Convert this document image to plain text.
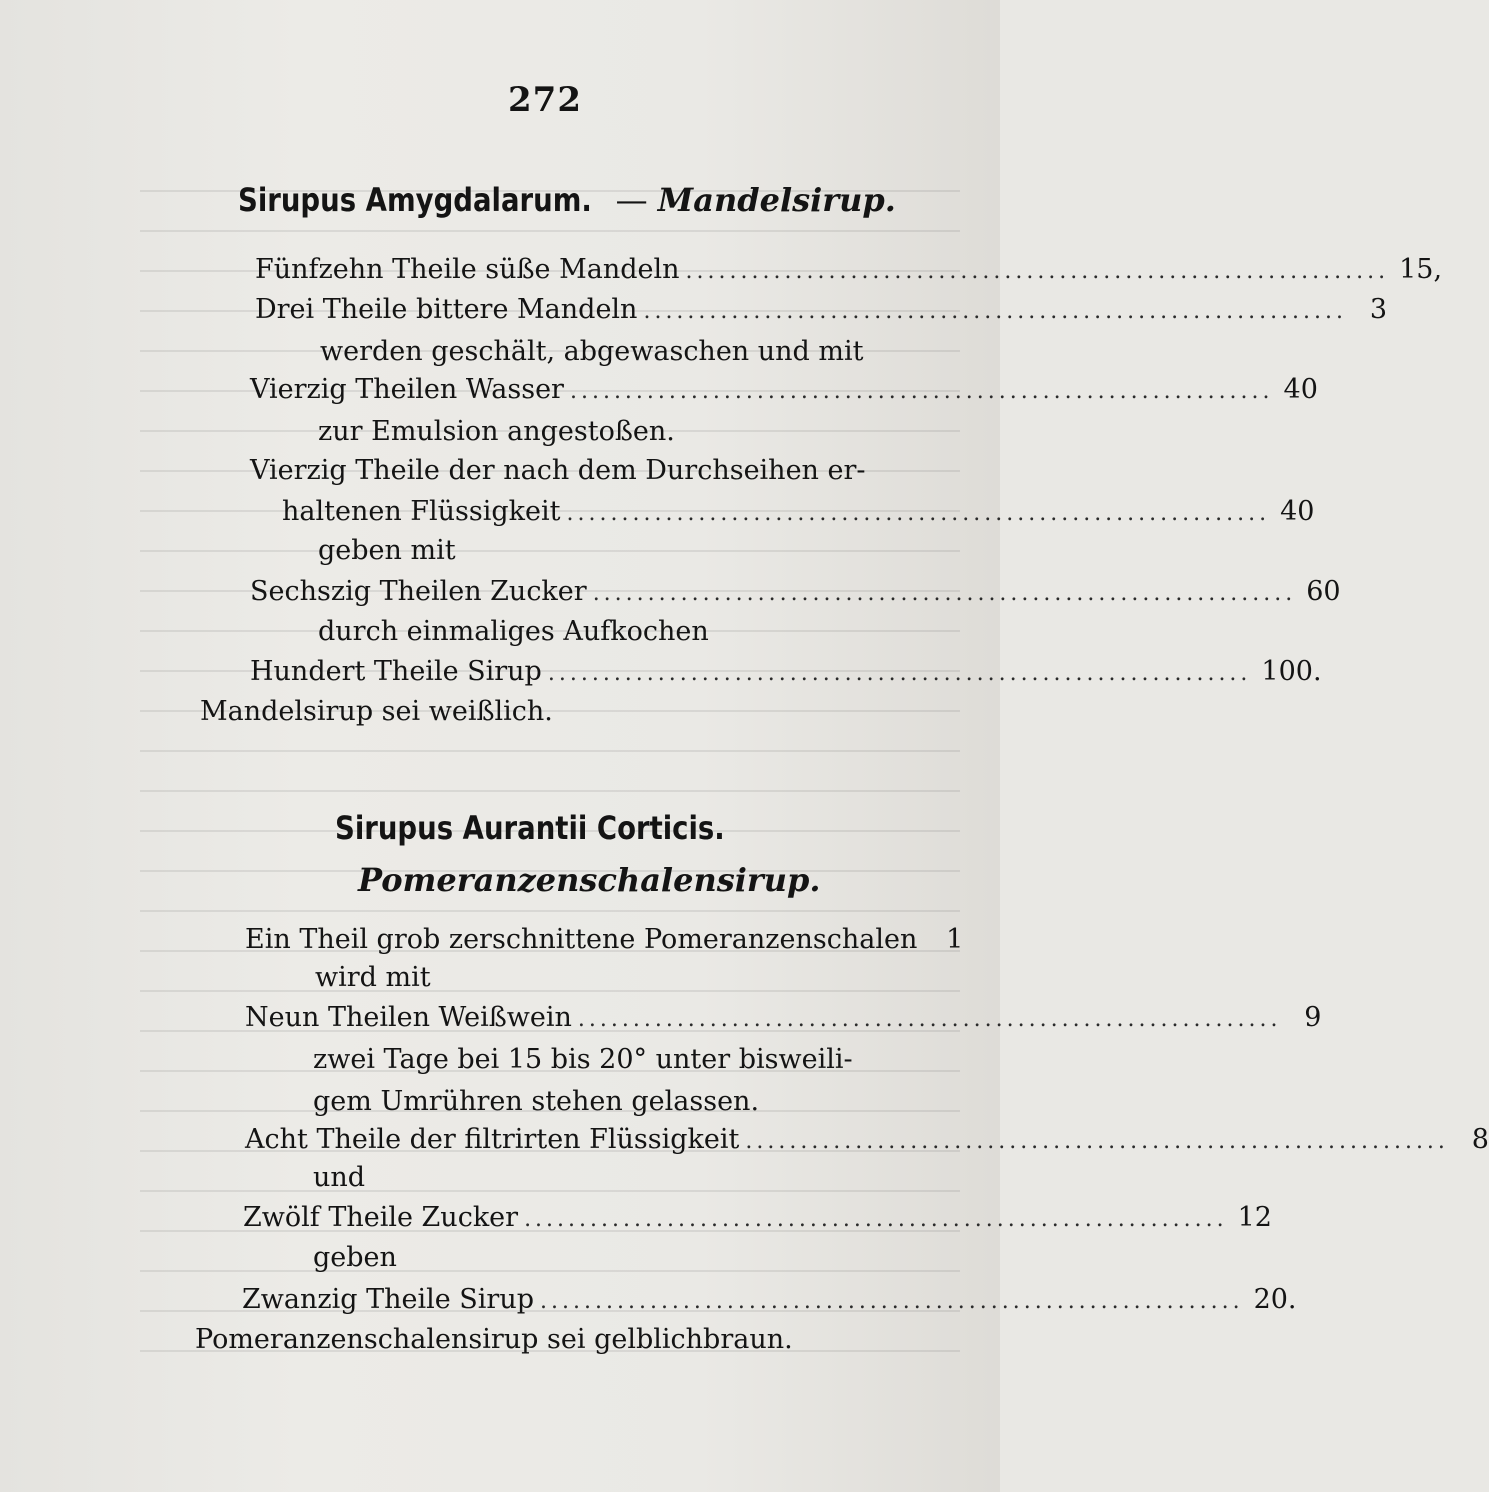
272
Sirupus Amygdalarum. — Mandelsirup.
Fünfzehn Theile süße Mandeln ................................................................ 15,
Drei Theile bittere Mandeln ................................................................ 3
werden geschält, abgewaschen und mit
Vierzig Theilen Wasser ................................................................ 40
zur Emulsion angestoßen.
Vierzig Theile der nach dem Durchseihen er-
haltenen Flüssigkeit ................................................................ 40
geben mit
Sechszig Theilen Zucker ................................................................ 60
durch einmaliges Aufkochen
Hundert Theile Sirup ................................................................ 100.
Mandelsirup sei weißlich.
Sirupus Aurantii Corticis.
Pomeranzenschalensirup.
Ein Theil grob zerschnittene Pomeranzenschalen	1
wird mit
Neun Theilen Weißwein ................................................................ 9
zwei Tage bei 15 bis 20° unter bisweili-
gem Umrühren stehen gelassen.
Acht Theile der filtrirten Flüssigkeit ................................................................ 8
und
Zwölf Theile Zucker ................................................................ 12
geben
Zwanzig Theile Sirup ................................................................ 20.
Pomeranzenschalensirup sei gelblichbraun.
